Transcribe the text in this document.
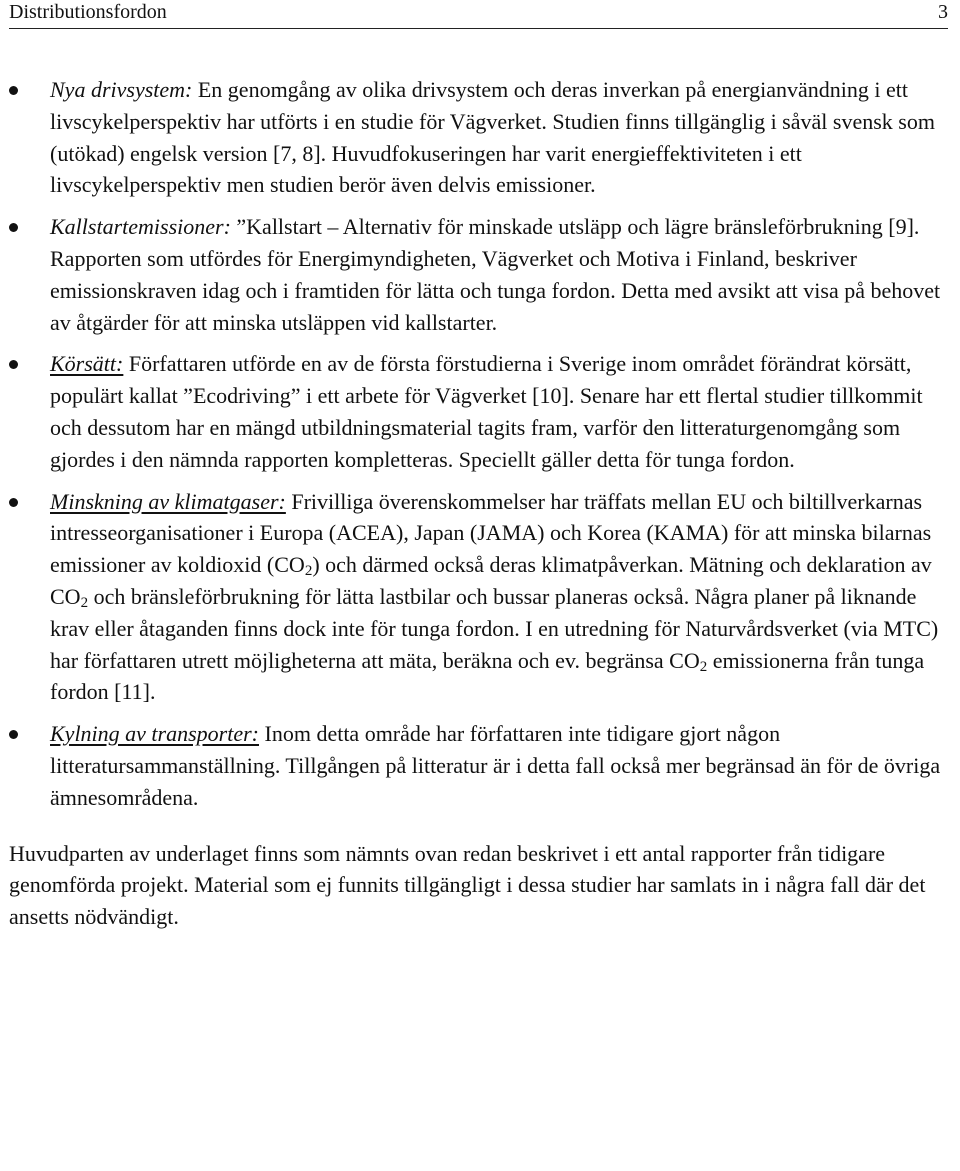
Distributionsfordon	3
Nya drivsystem: En genomgång av olika drivsystem och deras inverkan på energianvändning i ett livscykelperspektiv har utförts i en studie för Vägverket. Studien finns tillgänglig i såväl svensk som (utökad) engelsk version [7, 8]. Huvudfokuseringen har varit energieffektiviteten i ett livscykelperspektiv men studien berör även delvis emissioner.
Kallstartemissioner: ”Kallstart – Alternativ för minskade utsläpp och lägre bränsleförbrukning [9]. Rapporten som utfördes för Energimyndigheten, Vägverket och Motiva i Finland, beskriver emissionskraven idag och i framtiden för lätta och tunga fordon. Detta med avsikt att visa på behovet av åtgärder för att minska utsläppen vid kallstarter.
Körsätt: Författaren utförde en av de första förstudierna i Sverige inom området förändrat körsätt, populärt kallat ”Ecodriving” i ett arbete för Vägverket [10]. Senare har ett flertal studier tillkommit och dessutom har en mängd utbildningsmaterial tagits fram, varför den litteraturgenomgång som gjordes i den nämnda rapporten kompletteras. Speciellt gäller detta för tunga fordon.
Minskning av klimatgaser: Frivilliga överenskommelser har träffats mellan EU och biltillverkarnas intresseorganisationer i Europa (ACEA), Japan (JAMA) och Korea (KAMA) för att minska bilarnas emissioner av koldioxid $(CO_2)$ och därmed också deras klimatpåverkan. Mätning och deklaration av $CO_2$ och bränsleförbrukning för lätta lastbilar och bussar planeras också. Några planer på liknande krav eller åtaganden finns dock inte för tunga fordon. I en utredning för Naturvårdsverket (via MTC) har författaren utrett möjligheterna att mäta, beräkna och ev. begränsa $CO_2$ emissionerna från tunga fordon [11].
Kylning av transporter: Inom detta område har författaren inte tidigare gjort någon litteratursammanställning. Tillgången på litteratur är i detta fall också mer begränsad än för de övriga ämnesområdena.

Huvudparten av underlaget finns som nämnts ovan redan beskrivet i ett antal rapporter från tidigare genomförda projekt. Material som ej funnits tillgängligt i dessa studier har samlats in i några fall där det ansetts nödvändigt.
